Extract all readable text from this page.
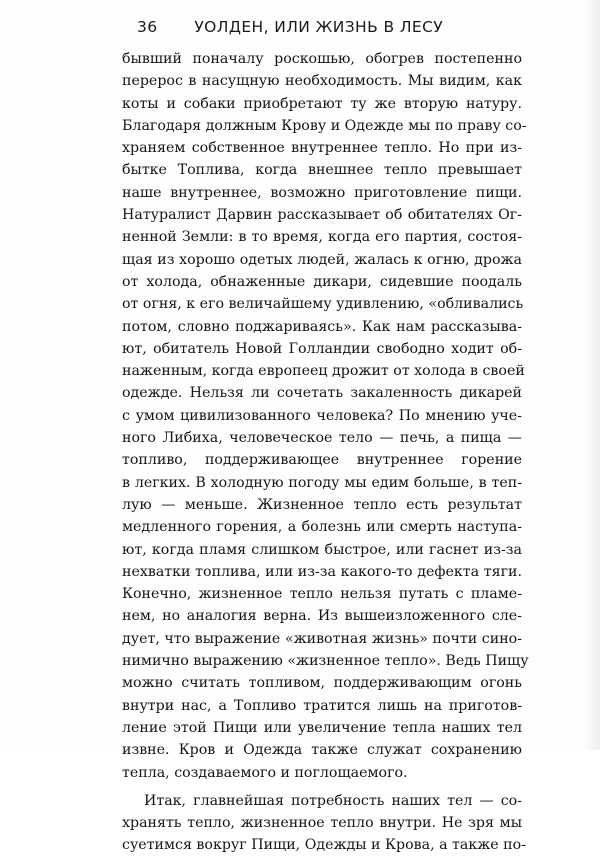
36 УОЛДЕН, ИЛИ ЖИЗНЬ В ЛЕСУ
бывший поначалу роскошью, обогрев постепенно
перерос в насущную необходимость. Мы видим, как
коты и собаки приобретают ту же вторую натуру.
Благодаря должным Крову и Одежде мы по праву со-
храняем собственное внутреннее тепло. Но при из-
бытке Топлива, когда внешнее тепло превышает
наше внутреннее, возможно приготовление пищи.
Натуралист Дарвин рассказывает об обитателях Ог-
ненной Земли: в то время, когда его партия, состоя-
щая из хорошо одетых людей, жалась к огню, дрожа
от холода, обнаженные дикари, сидевшие поодаль
от огня, к его величайшему удивлению, «обливались
потом, словно поджариваясь». Как нам рассказыва-
ют, обитатель Новой Голландии свободно ходит об-
наженным, когда европеец дрожит от холода в своей
одежде. Нельзя ли сочетать закаленность дикарей
с умом цивилизованного человека? По мнению уче-
ного Либиха, человеческое тело — печь, а пища —
топливо, поддерживающее внутреннее горение
в легких. В холодную погоду мы едим больше, в теп-
лую — меньше. Жизненное тепло есть результат
медленного горения, а болезнь или смерть наступа-
ют, когда пламя слишком быстрое, или гаснет из-за
нехватки топлива, или из-за какого-то дефекта тяги.
Конечно, жизненное тепло нельзя путать с пламе-
нем, но аналогия верна. Из вышеизложенного сле-
дует, что выражение «животная жизнь» почти сино-
нимично выражению «жизненное тепло». Ведь Пищу
можно считать топливом, поддерживающим огонь
внутри нас, а Топливо тратится лишь на приготов-
ление этой Пищи или увеличение тепла наших тел
извне. Кров и Одежда также служат сохранению
тепла, создаваемого и поглощаемого.
Итак, главнейшая потребность наших тел — со-
хранять тепло, жизненное тепло внутри. Не зря мы
суетимся вокруг Пищи, Одежды и Крова, а также по-
